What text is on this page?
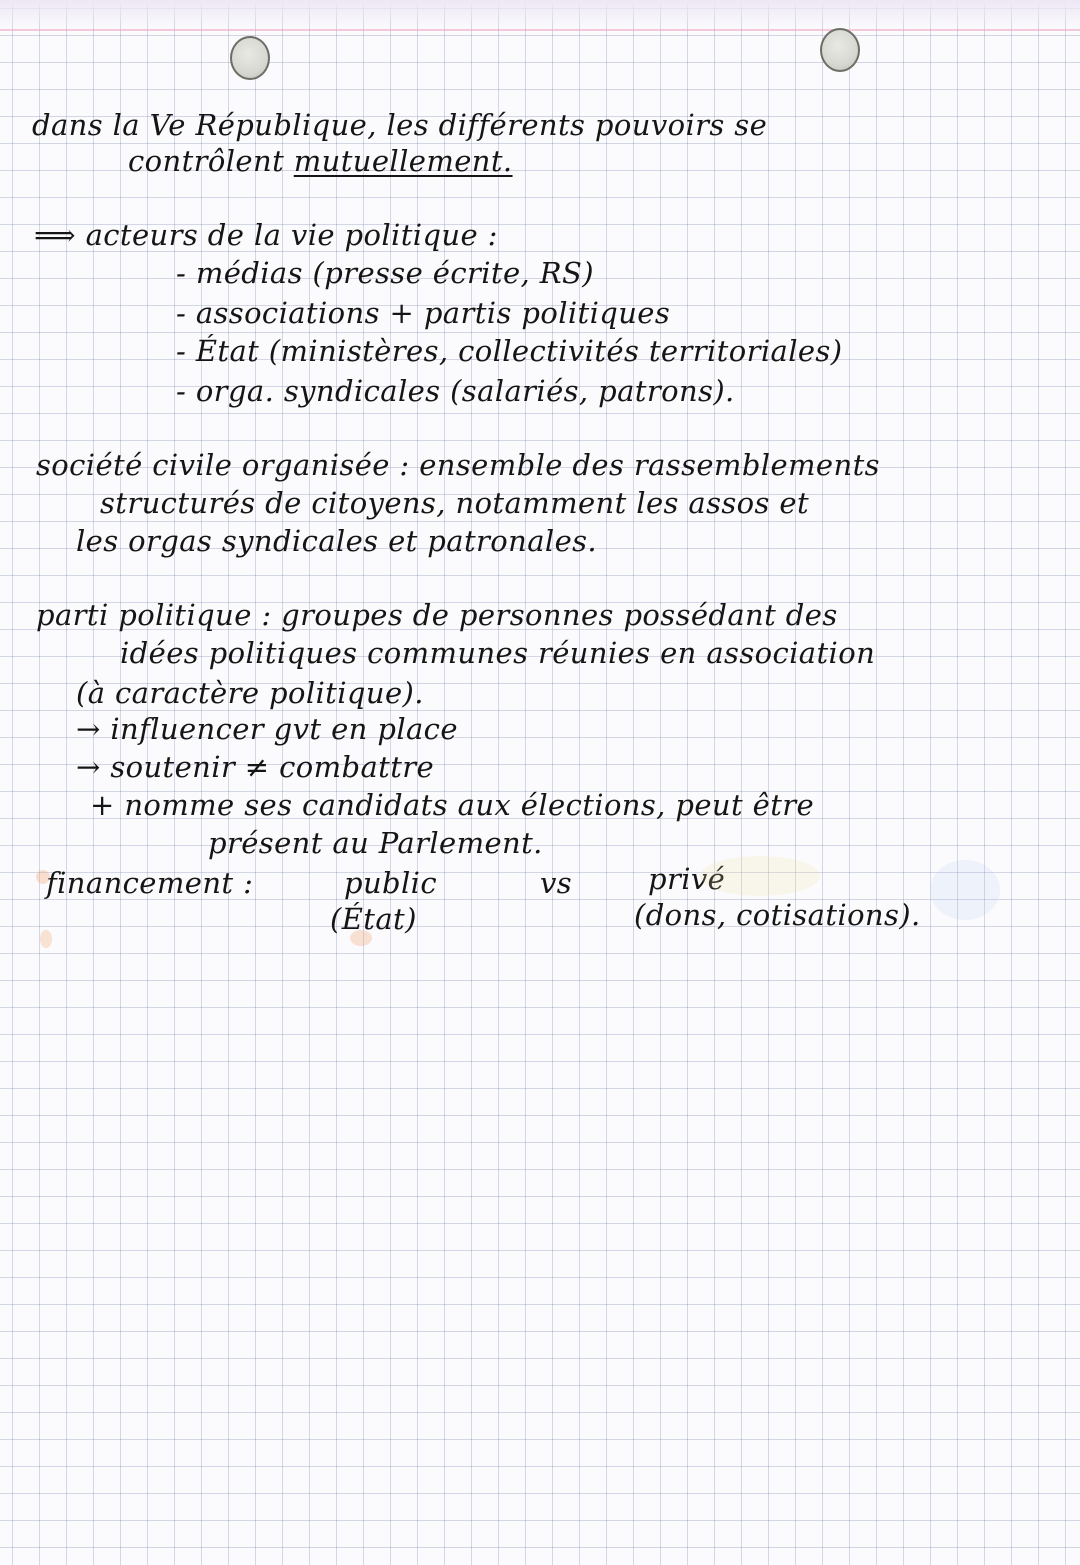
dans la Ve République, les différents pouvoirs se
contrôlent mutuellement.
⟹ acteurs de la vie politique :
- médias (presse écrite, RS)
- associations + partis politiques
- État (ministères, collectivités territoriales)
- orga. syndicales (salariés, patrons).
société civile organisée : ensemble des rassemblements
structurés de citoyens, notamment les assos et
les orgas syndicales et patronales.
parti politique : groupes de personnes possédant des
idées politiques communes réunies en association
(à caractère politique).
→ influencer gvt en place
→ soutenir ≠ combattre
+ nomme ses candidats aux élections, peut être
présent au Parlement.
financement :	public
(État)
vs	privé
(dons, cotisations).
